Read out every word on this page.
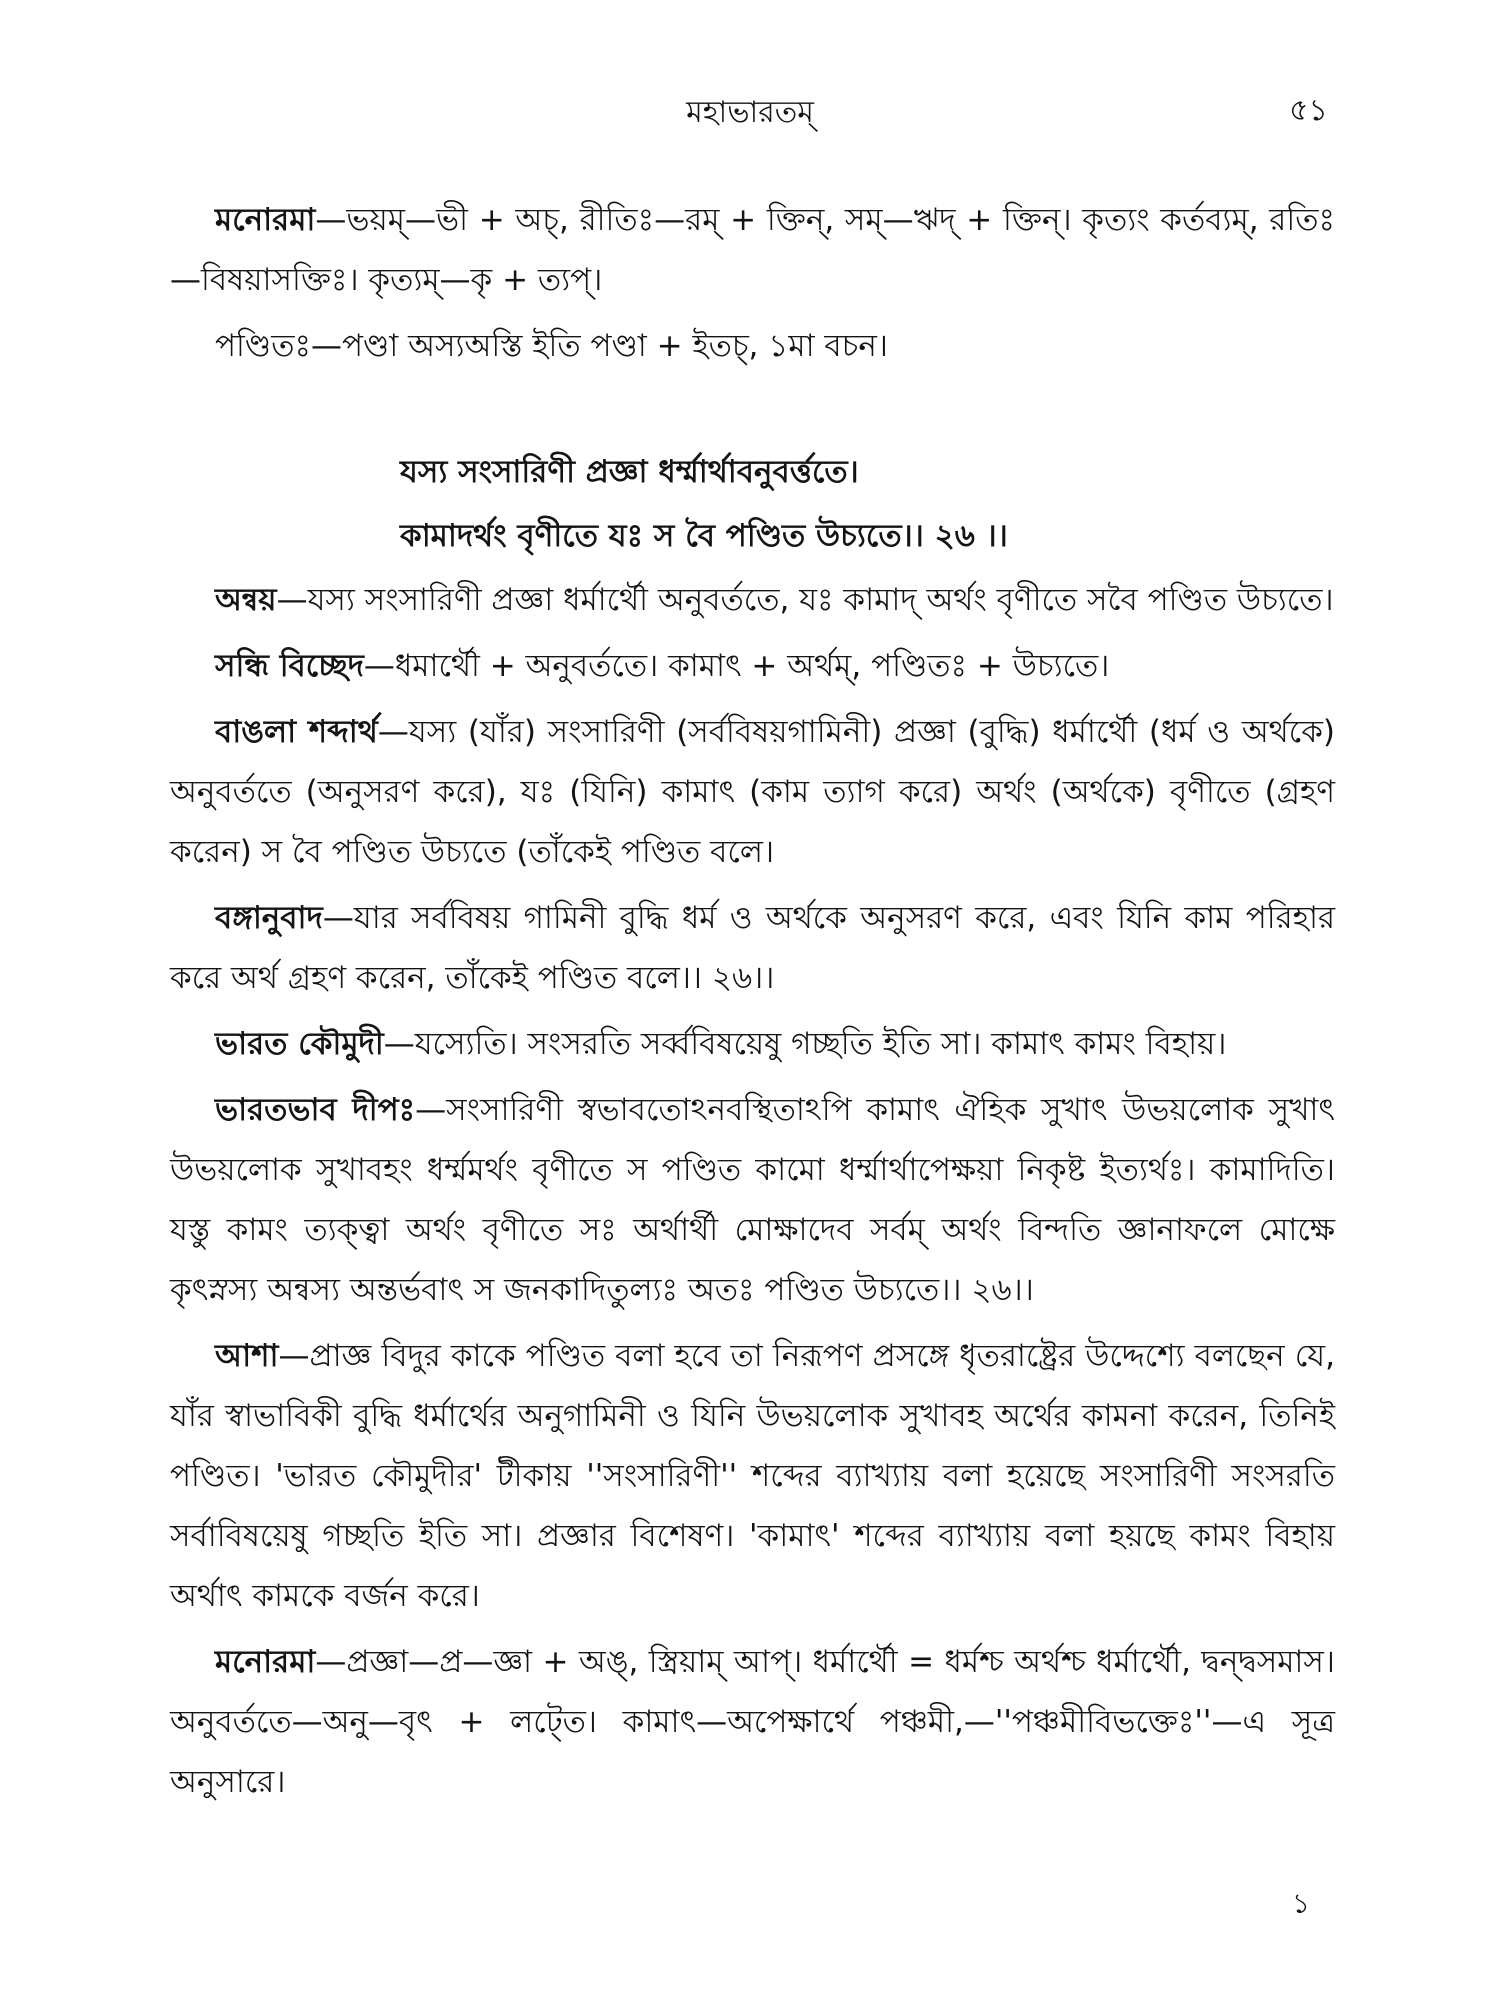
মহাভারতম্	৫১

মনোরমা—ভয়ম্—ভী + অচ্, রীতিঃ—রম্ + ক্তিন্, সম্—ঋদ্ + ক্তিন্। কৃত্যং কর্তব্যম্, রতিঃ—বিষয়াসক্তিঃ। কৃত্যম্—কৃ + ত্যপ্।

পণ্ডিতঃ—পণ্ডা অস্যঅস্তি ইতি পণ্ডা + ইতচ্, ১মা বচন।

যস্য সংসারিণী প্রজ্ঞা ধর্ম্মার্থাবনুবর্ত্ততে।

কামাদর্থং বৃণীতে যঃ স বৈ পণ্ডিত উচ্যতে।। ২৬ ।।

অন্বয়—যস্য সংসারিণী প্রজ্ঞা ধর্মার্থৌ অনুবর্ততে, যঃ কামাদ্ অর্থং বৃণীতে সবৈ পণ্ডিত উচ্যতে।

সন্ধি বিচ্ছেদ—ধমার্থৌ + অনুবর্ততে। কামাৎ + অর্থম্, পণ্ডিতঃ + উচ্যতে।

বাঙলা শব্দার্থ—যস্য (যাঁর) সংসারিণী (সর্ববিষয়গামিনী) প্রজ্ঞা (বুদ্ধি) ধর্মার্থৌ (ধর্ম ও অর্থকে) অনুবর্ততে (অনুসরণ করে), যঃ (যিনি) কামাৎ (কাম ত্যাগ করে) অর্থং (অর্থকে) বৃণীতে (গ্রহণ করেন) স বৈ পণ্ডিত উচ্যতে (তাঁকেই পণ্ডিত বলে।

বঙ্গানুবাদ—যার সর্ববিষয় গামিনী বুদ্ধি ধর্ম ও অর্থকে অনুসরণ করে, এবং যিনি কাম পরিহার করে অর্থ গ্রহণ করেন, তাঁকেই পণ্ডিত বলে।। ২৬।।

ভারত কৌমুদী—যস্যেতি। সংসরতি সর্ব্ববিষয়েষু গচ্ছতি ইতি সা। কামাৎ কামং বিহায়।

ভারতভাব দীপঃ—সংসারিণী স্বভাবতোঽনবস্থিতাঽপি কামাৎ ঐহিক সুখাৎ উভয়লোক সুখাৎ উভয়লোক সুখাবহং ধর্ম্মমর্থং বৃণীতে স পণ্ডিত কামো ধর্ম্মার্থাপেক্ষয়া নিকৃষ্ট ইত্যর্থঃ। কামাদিতি। যস্তু কামং ত্যক্ত্বা অর্থং বৃণীতে সঃ অর্থার্থী মোক্ষাদেব সর্বম্ অর্থং বিন্দতি জ্ঞানাফলে মোক্ষে কৃৎস্নস্য অন্বস্য অন্তর্ভবাৎ স জনকাদিতুল্যঃ অতঃ পণ্ডিত উচ্যতে।। ২৬।।

আশা—প্রাজ্ঞ বিদুর কাকে পণ্ডিত বলা হবে তা নিরূপণ প্রসঙ্গে ধৃতরাষ্ট্রের উদ্দেশ্যে বলছেন যে, যাঁর স্বাভাবিকী বুদ্ধি ধর্মার্থের অনুগামিনী ও যিনি উভয়লোক সুখাবহ অর্থের কামনা করেন, তিনিই পণ্ডিত। 'ভারত কৌমুদীর' টীকায় ''সংসারিণী'' শব্দের ব্যাখ্যায় বলা হয়েছে সংসারিণী সংসরতি সর্বাবিষয়েষু গচ্ছতি ইতি সা। প্রজ্ঞার বিশেষণ। 'কামাৎ' শব্দের ব্যাখ্যায় বলা হয়ছে কামং বিহায় অর্থাৎ কামকে বর্জন করে।

মনোরমা—প্রজ্ঞা—প্র—জ্ঞা + অঙ্, স্ত্রিয়াম্ আপ্। ধর্মার্থৌ = ধর্মশ্চ অর্থশ্চ ধর্মার্থৌ, দ্বন্দ্বসমাস। অনুবর্ততে—অনু—বৃৎ + লট্তে। কামাৎ—অপেক্ষার্থে পঞ্চমী,—''পঞ্চমীবিভক্তেঃ''—এ সূত্র অনুসারে।

১
